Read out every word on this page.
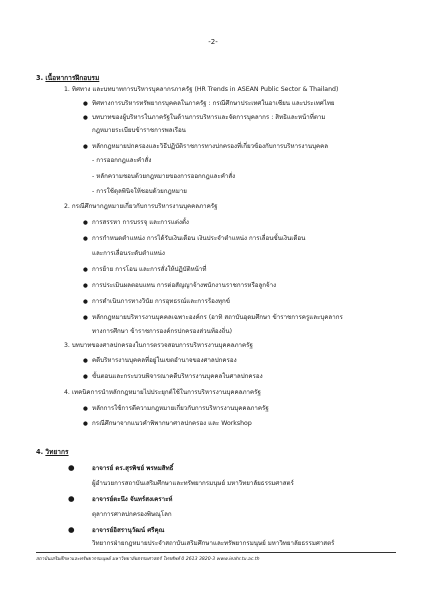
-2-
3. เนื้อหาการฝึกอบรม
1. ทิศทาง และบทบาทการบริหารบุคลากรภาครัฐ (HR Trends in ASEAN Public Sector & Thailand)
● ทิศทางการบริหารทรัพยากรบุคคลในภาครัฐ : กรณีศึกษาประเทศในอาเซียน และประเทศไทย
● บทบาทของผู้บริหารในภาครัฐในด้านการบริหารและจัดการบุคลากร : สิทธิและหน้าที่ตาม
กฎหมายระเบียบข้าราชการพลเรือน
● หลักกฎหมายปกครองและวิธีปฏิบัติราชการทางปกครองที่เกี่ยวข้องกับการบริหารงานบุคคล
- การออกกฎและคำสั่ง
- หลักความชอบด้วยกฎหมายของการออกกฎและคำสั่ง
- การใช้ดุลพินิจให้ชอบด้วยกฎหมาย
2. กรณีศึกษากฎหมายเกี่ยวกับการบริหารงานบุคคลภาครัฐ
● การสรรหา การบรรจุ และการแต่งตั้ง
● การกำหนดตำแหน่ง การได้รับเงินเดือน เงินประจำตำแหน่ง การเลื่อนขั้นเงินเดือน
และการเลื่อนระดับตำแหน่ง
● การย้าย การโอน และการสั่งให้ปฏิบัติหน้าที่
● การประเมินผลตอบแทน การต่อสัญญาจ้างพนักงานราชการหรือลูกจ้าง
● การดำเนินการทางวินัย การอุทธรณ์และการร้องทุกข์
● หลักกฎหมายบริหารงานบุคคลเฉพาะองค์กร (อาทิ สถาบันอุดมศึกษา ข้าราชการครูและบุคลากร
ทางการศึกษา ข้าราชการองค์กรปกครองส่วนท้องถิ่น)
3. บทบาทของศาลปกครองในการตรวจสอบการบริหารงานบุคคลภาครัฐ
● คดีบริหารงานบุคคลที่อยู่ในเขตอำนาจของศาลปกครอง
● ขั้นตอนและกระบวนพิจารณาคดีบริหารงานบุคคลในศาลปกครอง
4. เทคนิคการนำหลักกฎหมายไปประยุกต์ใช้ในการบริหารงานบุคคลภาครัฐ
● หลักการใช้การตีความกฎหมายเกี่ยวกับการบริหารงานบุคคลภาครัฐ
● กรณีศึกษาจากแนวคำพิพากษาศาลปกครอง และ Workshop
4. วิทยากร
● อาจารย์ ดร.สุรพิชย์ พรหมสิทธิ์
ผู้อำนวยการสถาบันเสริมศึกษาและทรัพยากรมนุษย์ มหาวิทยาลัยธรรมศาสตร์
● อาจารย์ตะนึง จันทร์สงเคราะห์
ตุลาการศาลปกครองพิษณุโลก
● อาจารย์อิสรานุวัฒน์ ศรีคุณ
วิทยากรฝ่ายกฎหมายประจำสถาบันเสริมศึกษาและทรัพยากรมนุษย์ มหาวิทยาลัยธรรมศาสตร์
สถาบันเสริมศึกษาและทรัพยากรมนุษย์ มหาวิทยาลัยธรรมศาสตร์ โทรศัพท์ 0 2613 3820-3 www.ieahr.tu.ac.th
